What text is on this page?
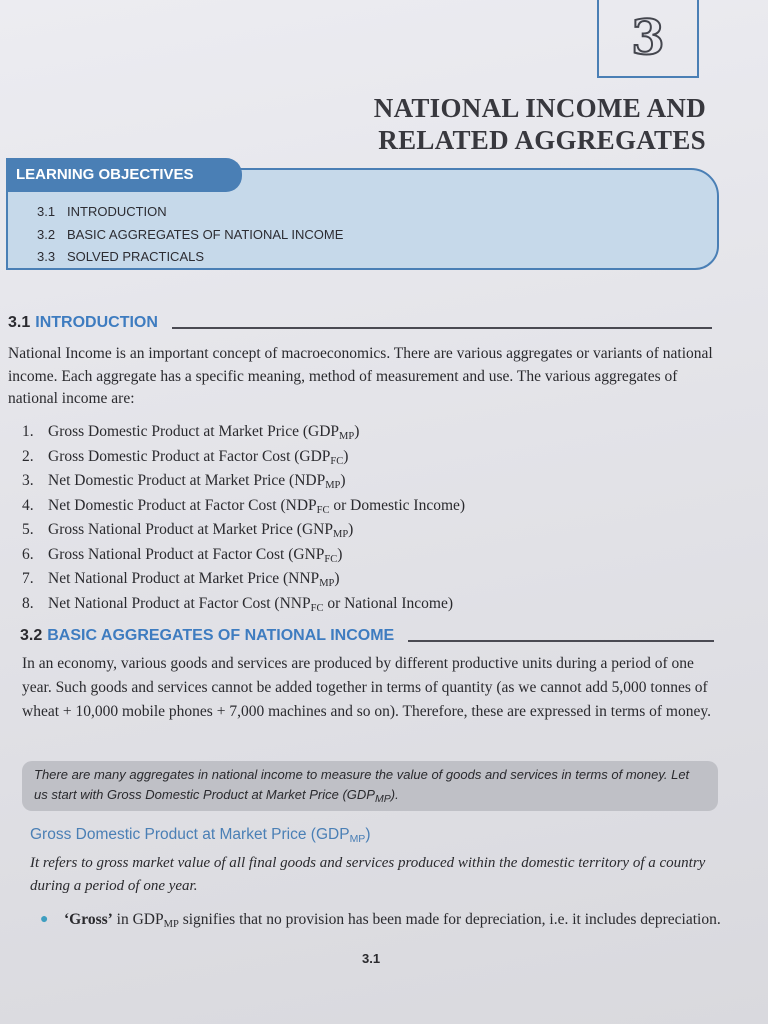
3
NATIONAL INCOME AND
RELATED AGGREGATES
LEARNING OBJECTIVES
3.1 INTRODUCTION
3.2 BASIC AGGREGATES OF NATIONAL INCOME
3.3 SOLVED PRACTICALS
3.1 INTRODUCTION

National Income is an important concept of macroeconomics. There are various aggregates or variants of national income. Each aggregate has a specific meaning, method of measurement and use. The various aggregates of national income are:

1. Gross Domestic Product at Market Price $(GDP_{MP})$
2. Gross Domestic Product at Factor Cost $(GDP_{FC})$
3. Net Domestic Product at Market Price $(NDP_{MP})$
4. Net Domestic Product at Factor Cost ($NDP_{FC}$ or Domestic Income)
5. Gross National Product at Market Price $(GNP_{MP})$
6. Gross National Product at Factor Cost $(GNP_{FC})$
7. Net National Product at Market Price $(NNP_{MP})$
8. Net National Product at Factor Cost ($NNP_{FC}$ or National Income)
3.2 BASIC AGGREGATES OF NATIONAL INCOME

In an economy, various goods and services are produced by different productive units during a period of one year. Such goods and services cannot be added together in terms of quantity (as we cannot add 5,000 tonnes of wheat + 10,000 mobile phones + 7,000 machines and so on). Therefore, these are expressed in terms of money.

There are many aggregates in national income to measure the value of goods and services in terms of money. Let us start with Gross Domestic Product at Market Price $(GDP_{MP})$.
Gross Domestic Product at Market Price $(GDP_{MP})$

It refers to gross market value of all final goods and services produced within the domestic territory of a country during a period of one year.

●	‘Gross’ in $GDP_{MP}$ signifies that no provision has been made for depreciation, i.e. it includes depreciation.
3.1
